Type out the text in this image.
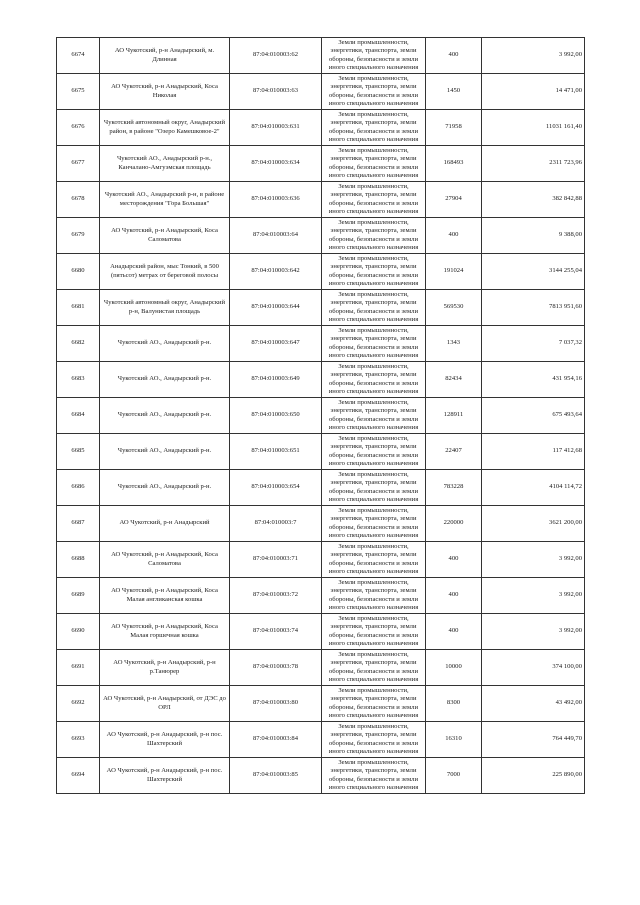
6674	АО Чукотский, р-н Анадырский, м. Длинная	87:04:010003:62	Земли промышленности, энергетики, транспорта, земли обороны, безопасности и земли иного специального назначения	400	3 992,00
6675	АО Чукотский, р-н Анадырский, Коса Николая	87:04:010003:63	Земли промышленности, энергетики, транспорта, земли обороны, безопасности и земли иного специального назначения	1450	14 471,00
6676	Чукотский автономный округ, Анадырский район, в районе "Озеро Камешковое-2"	87:04:010003:631	Земли промышленности, энергетики, транспорта, земли обороны, безопасности и земли иного специального назначения	71958	11031 161,40
6677	Чукотский АО., Анадырский р-н., Канчалано-Амгуэмская площадь	87:04:010003:634	Земли промышленности, энергетики, транспорта, земли обороны, безопасности и земли иного специального назначения	168493	2311 723,96
6678	Чукотский АО., Анадырский р-н, в районе месторождения "Гора Большая"	87:04:010003:636	Земли промышленности, энергетики, транспорта, земли обороны, безопасности и земли иного специального назначения	27904	382 842,88
6679	АО Чукотский, р-н Анадырский, Коса Саломатова	87:04:010003:64	Земли промышленности, энергетики, транспорта, земли обороны, безопасности и земли иного специального назначения	400	9 388,00
6680	Анадырский район, мыс Тонкий, в 500 (пятьсот) метрах от береговой полосы	87:04:010003:642	Земли промышленности, энергетики, транспорта, земли обороны, безопасности и земли иного специального назначения	191024	3144 255,04
6681	Чукотский автономный округ, Анадырский р-н, Валунистая площадь	87:04:010003:644	Земли промышленности, энергетики, транспорта, земли обороны, безопасности и земли иного специального назначения	569530	7813 951,60
6682	Чукотский АО., Анадырский р-н.	87:04:010003:647	Земли промышленности, энергетики, транспорта, земли обороны, безопасности и земли иного специального назначения	1343	7 037,32
6683	Чукотский АО., Анадырский р-н.	87:04:010003:649	Земли промышленности, энергетики, транспорта, земли обороны, безопасности и земли иного специального назначения	82434	431 954,16
6684	Чукотский АО., Анадырский р-н.	87:04:010003:650	Земли промышленности, энергетики, транспорта, земли обороны, безопасности и земли иного специального назначения	128911	675 493,64
6685	Чукотский АО., Анадырский р-н.	87:04:010003:651	Земли промышленности, энергетики, транспорта, земли обороны, безопасности и земли иного специального назначения	22407	117 412,68
6686	Чукотский АО., Анадырский р-н.	87:04:010003:654	Земли промышленности, энергетики, транспорта, земли обороны, безопасности и земли иного специального назначения	783228	4104 114,72
6687	АО Чукотский, р-н Анадырский	87:04:010003:7	Земли промышленности, энергетики, транспорта, земли обороны, безопасности и земли иного специального назначения	220000	3621 200,00
6688	АО Чукотский, р-н Анадырский, Коса Саломатова	87:04:010003:71	Земли промышленности, энергетики, транспорта, земли обороны, безопасности и земли иного специального назначения	400	3 992,00
6689	АО Чукотский, р-н Анадырский, Коса Малая англиканская кошка	87:04:010003:72	Земли промышленности, энергетики, транспорта, земли обороны, безопасности и земли иного специального назначения	400	3 992,00
6690	АО Чукотский, р-н Анадырский, Коса Малая горшечная кошка	87:04:010003:74	Земли промышленности, энергетики, транспорта, земли обороны, безопасности и земли иного специального назначения	400	3 992,00
6691	АО Чукотский, р-н Анадырский, р-н р.Танюрер	87:04:010003:78	Земли промышленности, энергетики, транспорта, земли обороны, безопасности и земли иного специального назначения	10000	374 100,00
6692	АО Чукотский, р-н Анадырский, от ДЭС до ОРЛ	87:04:010003:80	Земли промышленности, энергетики, транспорта, земли обороны, безопасности и земли иного специального назначения	8300	43 492,00
6693	АО Чукотский, р-н Анадырский, р-н пос. Шахтерский	87:04:010003:84	Земли промышленности, энергетики, транспорта, земли обороны, безопасности и земли иного специального назначения	16310	764 449,70
6694	АО Чукотский, р-н Анадырский, р-н пос. Шахтерский	87:04:010003:85	Земли промышленности, энергетики, транспорта, земли обороны, безопасности и земли иного специального назначения	7000	225 890,00
